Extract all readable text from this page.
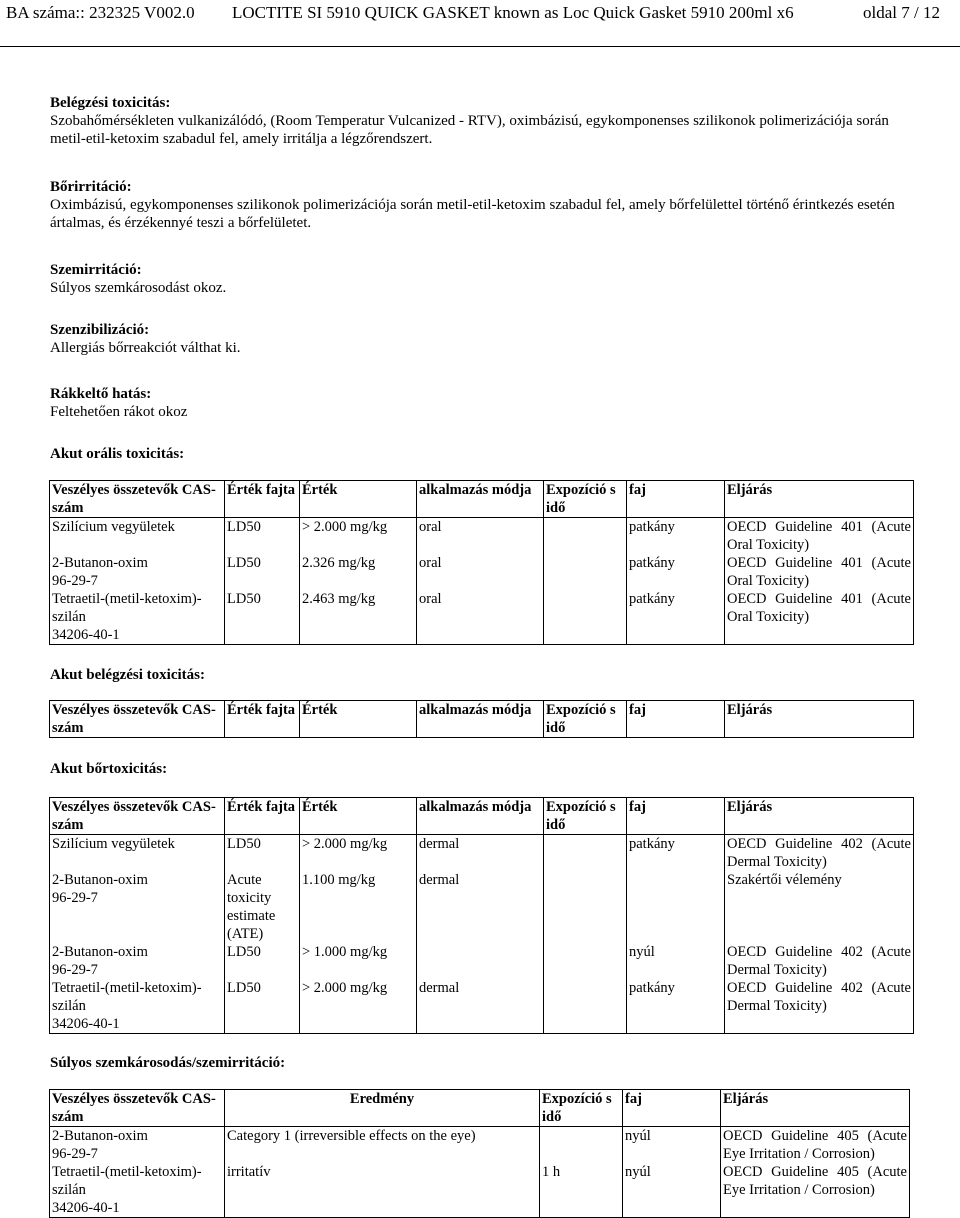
BA száma:: 232325 V002.0	LOCTITE SI 5910 QUICK GASKET known as Loc Quick Gasket 5910 200ml x6	oldal 7 / 12
Belégzési toxicitás:
Szobahőmérsékleten vulkanizálódó, (Room Temperatur Vulcanized - RTV), oximbázisú, egykomponenses szilikonok polimerizációja során metil-etil-ketoxim szabadul fel, amely irritálja a légzőrendszert.
Bőrirritáció:
Oximbázisú, egykomponenses szilikonok polimerizációja során metil-etil-ketoxim szabadul fel, amely bőrfelülettel történő érintkezés esetén ártalmas, és érzékennyé teszi a bőrfelületet.
Szemirritáció:
Súlyos szemkárosodást okoz.
Szenzibilizáció:
Allergiás bőrreakciót válthat ki.
Rákkeltő hatás:
Feltehetően rákot okoz
Akut orális toxicitás:
Veszélyes összetevők CAS-szám	Érték fajta	Érték	alkalmazás módja	Expozíció s idő	faj	Eljárás
Szilícium vegyületek	LD50	> 2.000 mg/kg	oral		patkány	OECD Guideline 401 (Acute Oral Toxicity)
2-Butanon-oxim
96-29-7	LD50	2.326 mg/kg	oral		patkány	OECD Guideline 401 (Acute Oral Toxicity)
Tetraetil-(metil-ketoxim)-szilán
34206-40-1	LD50	2.463 mg/kg	oral		patkány	OECD Guideline 401 (Acute Oral Toxicity)
Akut belégzési toxicitás:
Veszélyes összetevők CAS-szám	Érték fajta	Érték	alkalmazás módja	Expozíció s idő	faj	Eljárás
Akut bőrtoxicitás:
Veszélyes összetevők CAS-szám	Érték fajta	Érték	alkalmazás módja	Expozíció s idő	faj	Eljárás
Szilícium vegyületek	LD50	> 2.000 mg/kg	dermal		patkány	OECD Guideline 402 (Acute Dermal Toxicity)
2-Butanon-oxim
96-29-7	Acute toxicity estimate (ATE)	1.100 mg/kg	dermal			Szakértői vélemény
2-Butanon-oxim
96-29-7	LD50	> 1.000 mg/kg			nyúl	OECD Guideline 402 (Acute Dermal Toxicity)
Tetraetil-(metil-ketoxim)-szilán
34206-40-1	LD50	> 2.000 mg/kg	dermal		patkány	OECD Guideline 402 (Acute Dermal Toxicity)
Súlyos szemkárosodás/szemirritáció:
Veszélyes összetevők CAS-szám	Eredmény	Expozíció s idő	faj	Eljárás
2-Butanon-oxim
96-29-7	Category 1 (irreversible effects on the eye)		nyúl	OECD Guideline 405 (Acute Eye Irritation / Corrosion)
Tetraetil-(metil-ketoxim)-szilán
34206-40-1	irritatív	1 h	nyúl	OECD Guideline 405 (Acute Eye Irritation / Corrosion)
